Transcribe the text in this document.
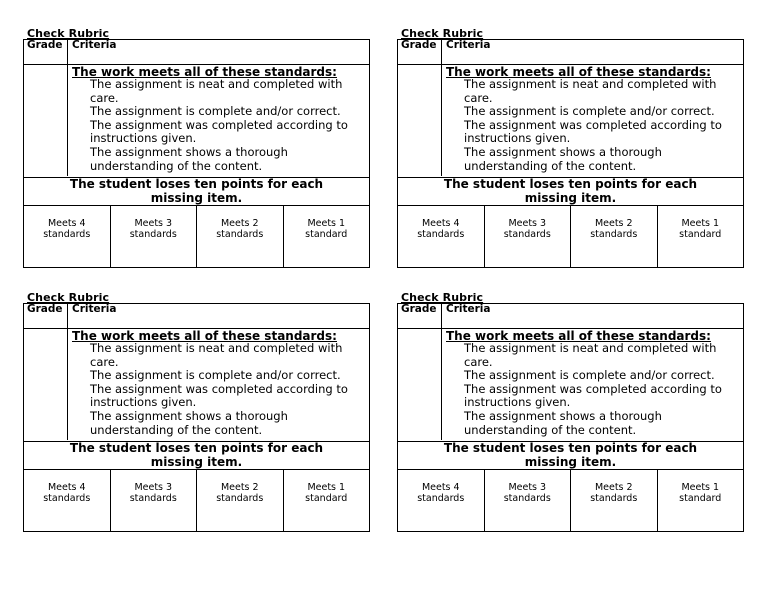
Check Rubric
Grade Criteria
The work meets all of these standards:
The assignment is neat and completed with care.
The assignment is complete and/or correct.
The assignment was completed according to instructions given.
The assignment shows a thorough understanding of the content.
The student loses ten points for each missing item.
Meets 4 standards
Meets 3 standards
Meets 2 standards
Meets 1 standard
Check Rubric
Grade Criteria
The work meets all of these standards:
The assignment is neat and completed with care.
The assignment is complete and/or correct.
The assignment was completed according to instructions given.
The assignment shows a thorough understanding of the content.
The student loses ten points for each missing item.
Meets 4 standards
Meets 3 standards
Meets 2 standards
Meets 1 standard
Check Rubric
Grade Criteria
The work meets all of these standards:
The assignment is neat and completed with care.
The assignment is complete and/or correct.
The assignment was completed according to instructions given.
The assignment shows a thorough understanding of the content.
The student loses ten points for each missing item.
Meets 4 standards
Meets 3 standards
Meets 2 standards
Meets 1 standard
Check Rubric
Grade Criteria
The work meets all of these standards:
The assignment is neat and completed with care.
The assignment is complete and/or correct.
The assignment was completed according to instructions given.
The assignment shows a thorough understanding of the content.
The student loses ten points for each missing item.
Meets 4 standards
Meets 3 standards
Meets 2 standards
Meets 1 standard
